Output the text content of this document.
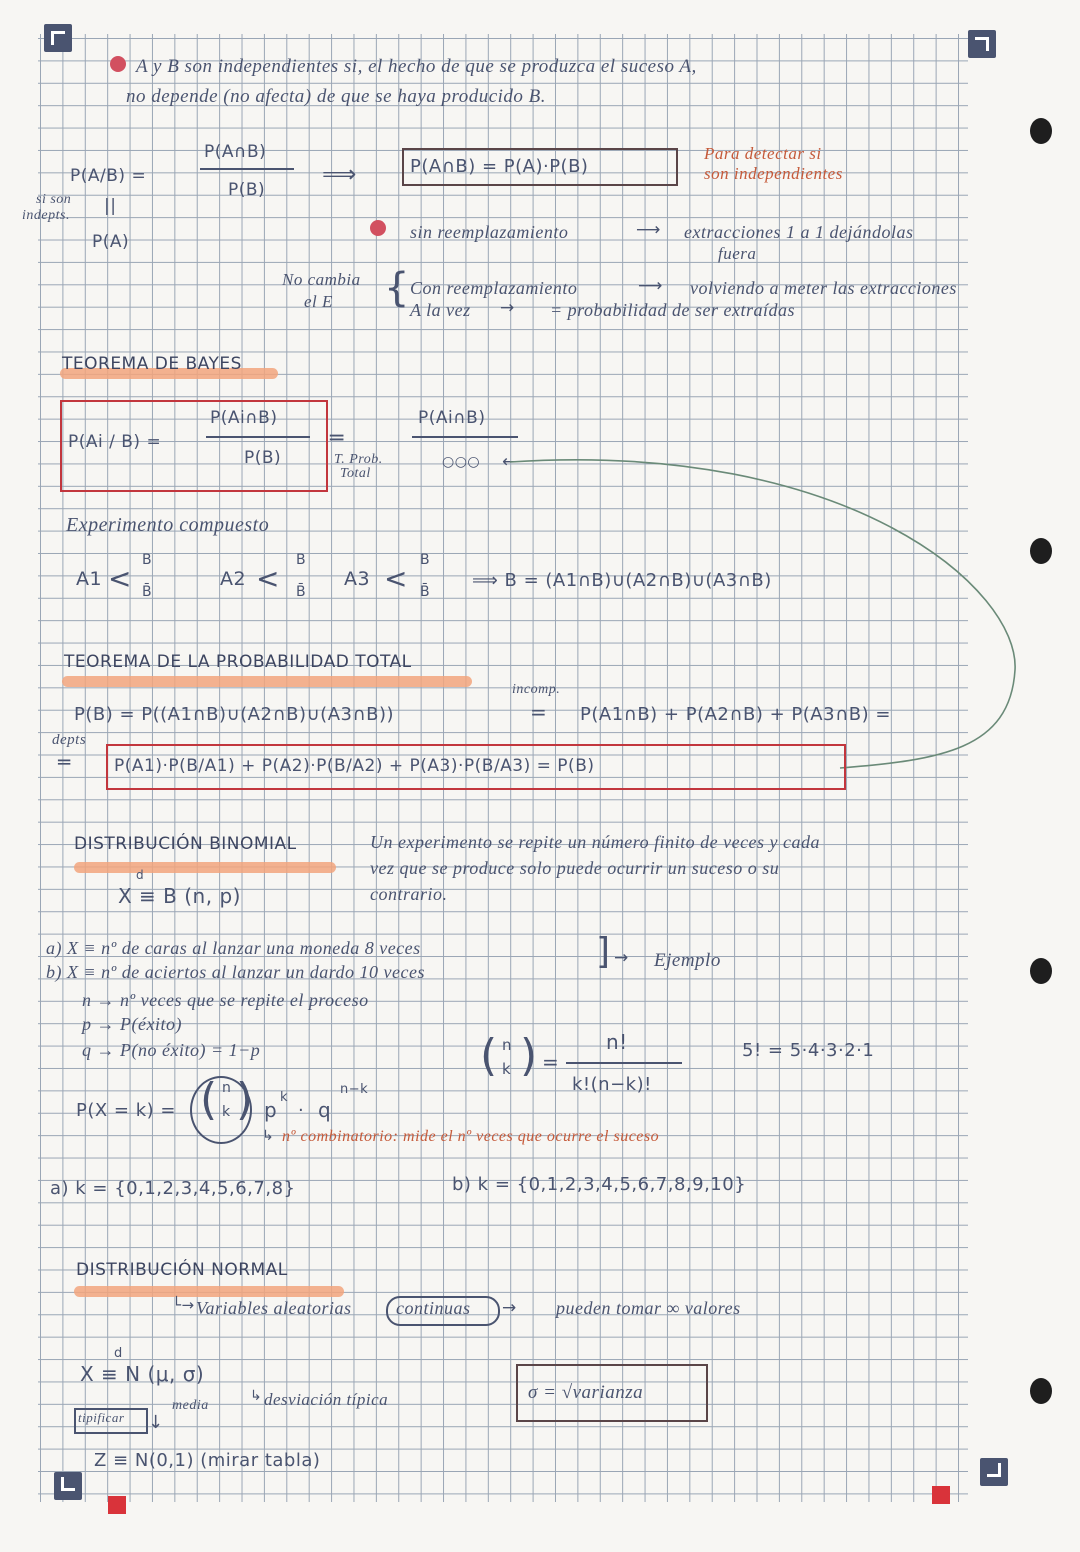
A y B son independientes si, el hecho de que se produzca el suceso A,
no depende (no afecta) de que se haya producido B.
P(A/B) =
P(A∩B)
P(B)
⟹	P(A∩B) = P(A)·P(B)
Para detectar si
son independientes
si son
indepts. ||
P(A)	sin reemplazamiento	⟶ extracciones 1 a 1 dejándolas
fuera
No cambia
el E { Con reemplazamiento	⟶ volviendo a meter las extracciones
A la vez → = probabilidad de ser extraídas
TEOREMA DE BAYES
P(Ai / B) =
P(Ai∩B)
P(B)
═
T. Prob.
Total
P(Ai∩B)
○○○ ←
Experimento compuesto
A1 <
B
B̄
A2 <
B
B̄
A3 <
B
B̄
⟹ B = (A1∩B)∪(A2∩B)∪(A3∩B)
TEOREMA DE LA PROBABILIDAD TOTAL
incomp.
P(B) = P((A1∩B)∪(A2∩B)∪(A3∩B))	= P(A1∩B) + P(A2∩B) + P(A3∩B) =
depts
═	P(A1)·P(B/A1) + P(A2)·P(B/A2) + P(A3)·P(B/A3) = P(B)
DISTRIBUCIÓN BINOMIAL	Un experimento se repite un número finito de veces y cada
vez que se produce solo puede ocurrir un suceso o su
contrario.
d
X ≡ B (n, p)
a) X ≡ nº de caras al lanzar una moneda 8 veces
b) X ≡ nº de aciertos al lanzar un dardo 10 veces	] → Ejemplo
n → nº veces que se repite el proceso
p → P(éxito)
q → P(no éxito) = 1−p	( n
k ) =
n!
k!(n−k)!
5! = 5·4·3·2·1
P(X = k) = ( n
k ) p
k
· q
n−k
↳ nº combinatorio: mide el nº veces que ocurre el suceso
a) k = {0,1,2,3,4,5,6,7,8}	b) k = {0,1,2,3,4,5,6,7,8,9,10}
DISTRIBUCIÓN NORMAL
└→ Variables aleatorias continuas → pueden tomar ∞ valores
d
X ≡ N (μ, σ)
media
↳ desviación típica	σ = √varianza
tipificar ↓
Z ≡ N(0,1) (mirar tabla)
